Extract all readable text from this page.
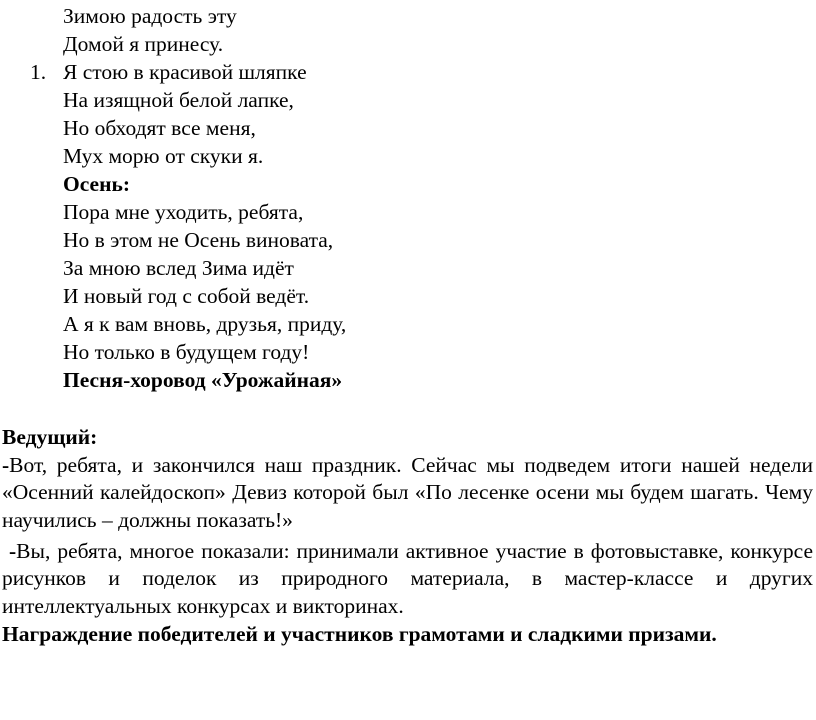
Зимою радость эту
Домой я принесу.
1. Я стою в красивой шляпке
На изящной белой лапке,
Но обходят все меня,
Мух морю от скуки я.
Осень:
Пора мне уходить, ребята,
Но в этом не Осень виновата,
За мною вслед Зима идёт
И новый год с собой ведёт.
А я к вам вновь, друзья, приду,
Но только в будущем году!
Песня-хоровод «Урожайная»
Ведущий:
-Вот, ребята, и закончился наш праздник. Сейчас мы подведем итоги нашей недели «Осенний калейдоскоп» Девиз которой был «По лесенке осени мы будем шагать. Чему научились – должны показать!»
-Вы, ребята, многое показали: принимали активное участие в фотовыставке, конкурсе рисунков и поделок из природного материала, в мастер-классе и других интеллектуальных конкурсах и викторинах.
Награждение победителей и участников грамотами и сладкими призами.
